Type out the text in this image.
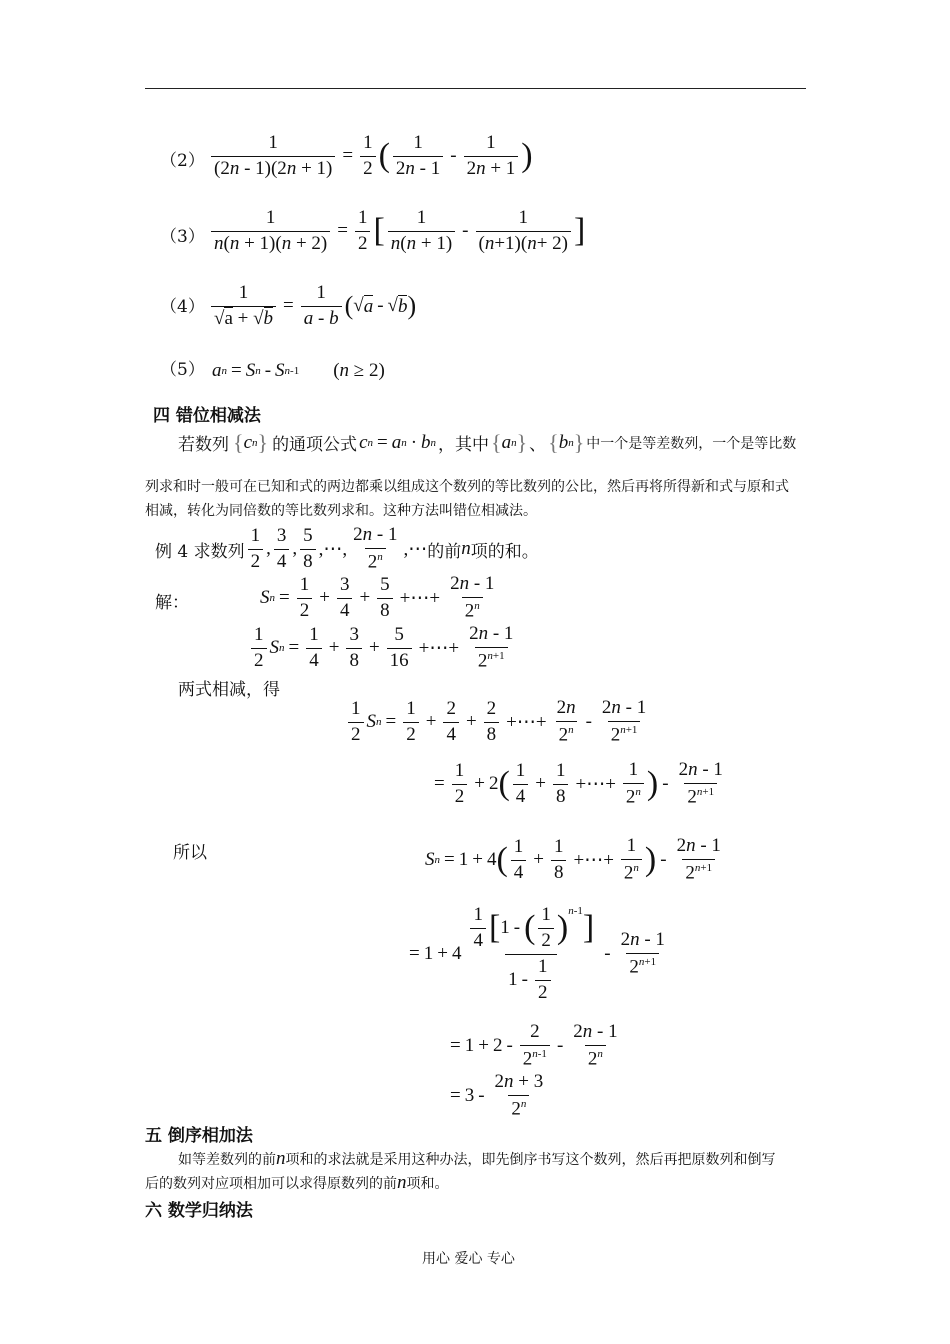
$(2) \frac{1}{(2n - 1)(2n + 1)} = \frac{1}{2}$ ( $\frac{1}{2n - 1} - \frac{1}{2n + 1}$ )
$(3) \frac{1}{n(n + 1)(n + 2)} = \frac{1}{2}$ [ $\frac{1}{n(n + 1)} - \frac{1}{(n+1)(n+ 2)}$ ]
$(4) \frac{1}{√a + √b} = \frac{1}{a - b}$ ( √ a - √ b )
（5） a n = S n - S n-1 (n ≥ 2)
四 错位相减法
若数列 { c n } 的通项公式 c n = a n · b n ，其中 { a n } 、 { b n } 中一个是等差数列，一个是等比数
列求和时一般可在已知和式的两边都乘以组成这个数列的等比数列的公比，然后再将所得新和式与原和式
相减，转化为同倍数的等比数列求和。这种方法叫错位相减法。
例 4 求数列 $\frac{1}{2}$ , $\frac{3}{4}$ , $\frac{5}{8}$ ,⋯, $\frac{2n - 1}{2^n}$ ,⋯ 的前 n 项的和。
解：	S $n = \frac{1}{2} + \frac{3}{4} + \frac{5}{8}$ +⋯+ $\frac{2n - 1}{2^n}$
$\frac{1}{2}$ S $n = \frac{1}{4} + \frac{3}{8} + \frac{5}{16}$ +⋯+ $\frac{2n - 1}{2^{n+1}}$
两式相减，得
$\frac{1}{2}$ S $n = \frac{1}{2} + \frac{2}{4} + \frac{2}{8}$ +⋯+ $\frac{2n}{2^n} - \frac{2n - 1}{2^{n+1}}$
= $\frac{1}{2} + 2$ ( $\frac{1}{4} + \frac{1}{8}$ +⋯+ $\frac{1}{2^n}$ ) - $\frac{2n - 1}{2^{n+1}}$
所以	S n = 1 + 4 ( $\frac{1}{4} + \frac{1}{8}$ +⋯+ $\frac{1}{2^n}$ ) - $\frac{2n - 1}{2^{n+1}}$
= $1 + 4 \frac{\frac{1}{4} [ 1 - ( \frac{1}{2} ) ^{n-1} ]}{1 - \frac{1}{2}} - \frac{2n - 1}{2^{n+1}}$
= $1 + 2 - \frac{2}{2^{n-1}} - \frac{2n - 1}{2^n}$
= $3 - \frac{2n + 3}{2^n}$
五 倒序相加法
如等差数列的前 n 项和的求法就是采用这种办法，即先倒序书写这个数列，然后再把原数列和倒写
后的数列对应项相加可以求得原数列的前 n 项和。
六 数学归纳法
用心 爱心 专心
